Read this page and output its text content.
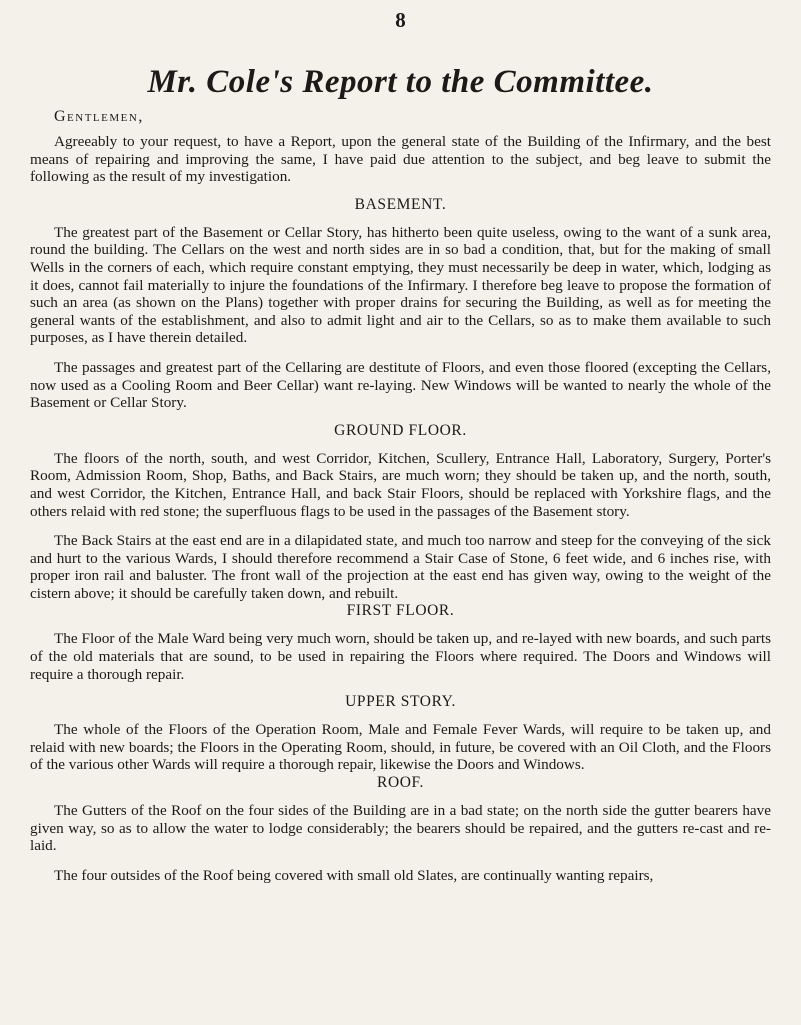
8
Mr. Cole's Report to the Committee.
Gentlemen,

Agreeably to your request, to have a Report, upon the general state of the Building of the Infirmary, and the best means of repairing and improving the same, I have paid due attention to the subject, and beg leave to submit the following as the result of my investigation.

BASEMENT.

The greatest part of the Basement or Cellar Story, has hitherto been quite useless, owing to the want of a sunk area, round the building. The Cellars on the west and north sides are in so bad a condition, that, but for the making of small Wells in the corners of each, which require constant emptying, they must necessarily be deep in water, which, lodging as it does, cannot fail materially to injure the foundations of the Infirmary. I therefore beg leave to propose the formation of such an area (as shown on the Plans) together with proper drains for securing the Building, as well as for meeting the general wants of the establishment, and also to admit light and air to the Cellars, so as to make them available to such purposes, as I have therein detailed.

The passages and greatest part of the Cellaring are destitute of Floors, and even those floored (excepting the Cellars, now used as a Cooling Room and Beer Cellar) want re-laying. New Windows will be wanted to nearly the whole of the Basement or Cellar Story.

GROUND FLOOR.

The floors of the north, south, and west Corridor, Kitchen, Scullery, Entrance Hall, Laboratory, Surgery, Porter's Room, Admission Room, Shop, Baths, and Back Stairs, are much worn; they should be taken up, and the north, south, and west Corridor, the Kitchen, Entrance Hall, and back Stair Floors, should be replaced with Yorkshire flags, and the others relaid with red stone; the superfluous flags to be used in the passages of the Basement story.

The Back Stairs at the east end are in a dilapidated state, and much too narrow and steep for the conveying of the sick and hurt to the various Wards, I should therefore recommend a Stair Case of Stone, 6 feet wide, and 6 inches rise, with proper iron rail and baluster. The front wall of the projection at the east end has given way, owing to the weight of the cistern above; it should be carefully taken down, and rebuilt.

FIRST FLOOR.

The Floor of the Male Ward being very much worn, should be taken up, and re-layed with new boards, and such parts of the old materials that are sound, to be used in repairing the Floors where required. The Doors and Windows will require a thorough repair.

UPPER STORY.

The whole of the Floors of the Operation Room, Male and Female Fever Wards, will require to be taken up, and relaid with new boards; the Floors in the Operating Room, should, in future, be covered with an Oil Cloth, and the Floors of the various other Wards will require a thorough repair, likewise the Doors and Windows.

ROOF.

The Gutters of the Roof on the four sides of the Building are in a bad state; on the north side the gutter bearers have given way, so as to allow the water to lodge considerably; the bearers should be repaired, and the gutters re-cast and re-laid.

The four outsides of the Roof being covered with small old Slates, are continually wanting repairs,
